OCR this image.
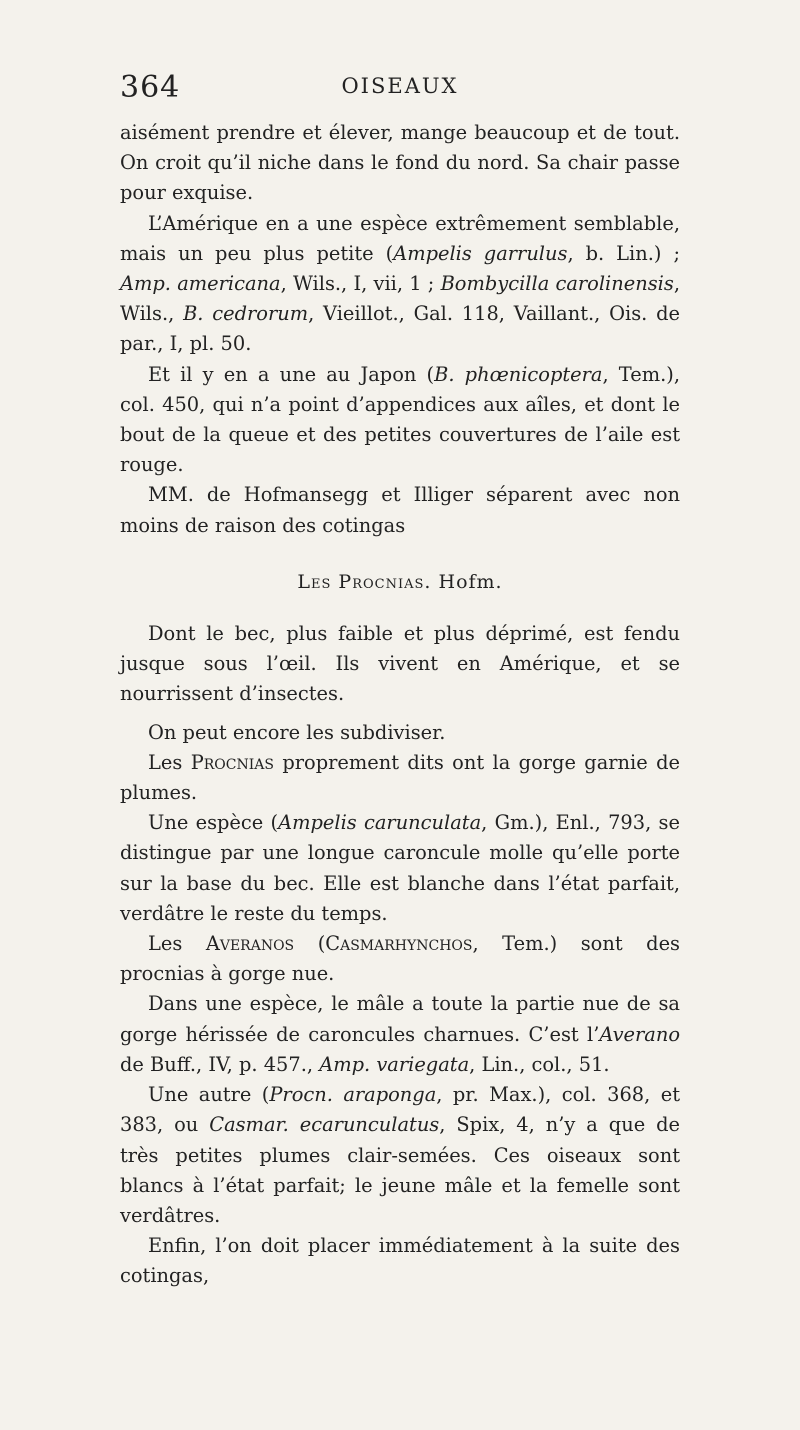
364	OISEAUX

aisément prendre et élever, mange beaucoup et de tout. On croit qu’il niche dans le fond du nord. Sa chair passe pour exquise.

L’Amérique en a une espèce extrêmement semblable, mais un peu plus petite (Ampelis garrulus, b. Lin.) ; Amp. americana, Wils., I, vii, 1 ; Bombycilla carolinensis, Wils., B. cedrorum, Vieillot., Gal. 118, Vaillant., Ois. de par., I, pl. 50.

Et il y en a une au Japon (B. phœnicoptera, Tem.), col. 450, qui n’a point d’appendices aux aîles, et dont le bout de la queue et des petites couvertures de l’aile est rouge.

MM. de Hofmansegg et Illiger séparent avec non moins de raison des cotingas

Les Procnias. Hofm.

Dont le bec, plus faible et plus déprimé, est fendu jusque sous l’œil. Ils vivent en Amérique, et se nourrissent d’insectes.

On peut encore les subdiviser.

Les Procnias proprement dits ont la gorge garnie de plumes.

Une espèce (Ampelis carunculata, Gm.), Enl., 793, se distingue par une longue caroncule molle qu’elle porte sur la base du bec. Elle est blanche dans l’état parfait, verdâtre le reste du temps.

Les Averanos (Casmarhynchos, Tem.) sont des procnias à gorge nue.

Dans une espèce, le mâle a toute la partie nue de sa gorge hérissée de caroncules charnues. C’est l’Averano de Buff., IV, p. 457., Amp. variegata, Lin., col., 51.

Une autre (Procn. araponga, pr. Max.), col. 368, et 383, ou Casmar. ecarunculatus, Spix, 4, n’y a que de très petites plumes clair-semées. Ces oiseaux sont blancs à l’état parfait; le jeune mâle et la femelle sont verdâtres.

Enfin, l’on doit placer immédiatement à la suite des cotingas,
